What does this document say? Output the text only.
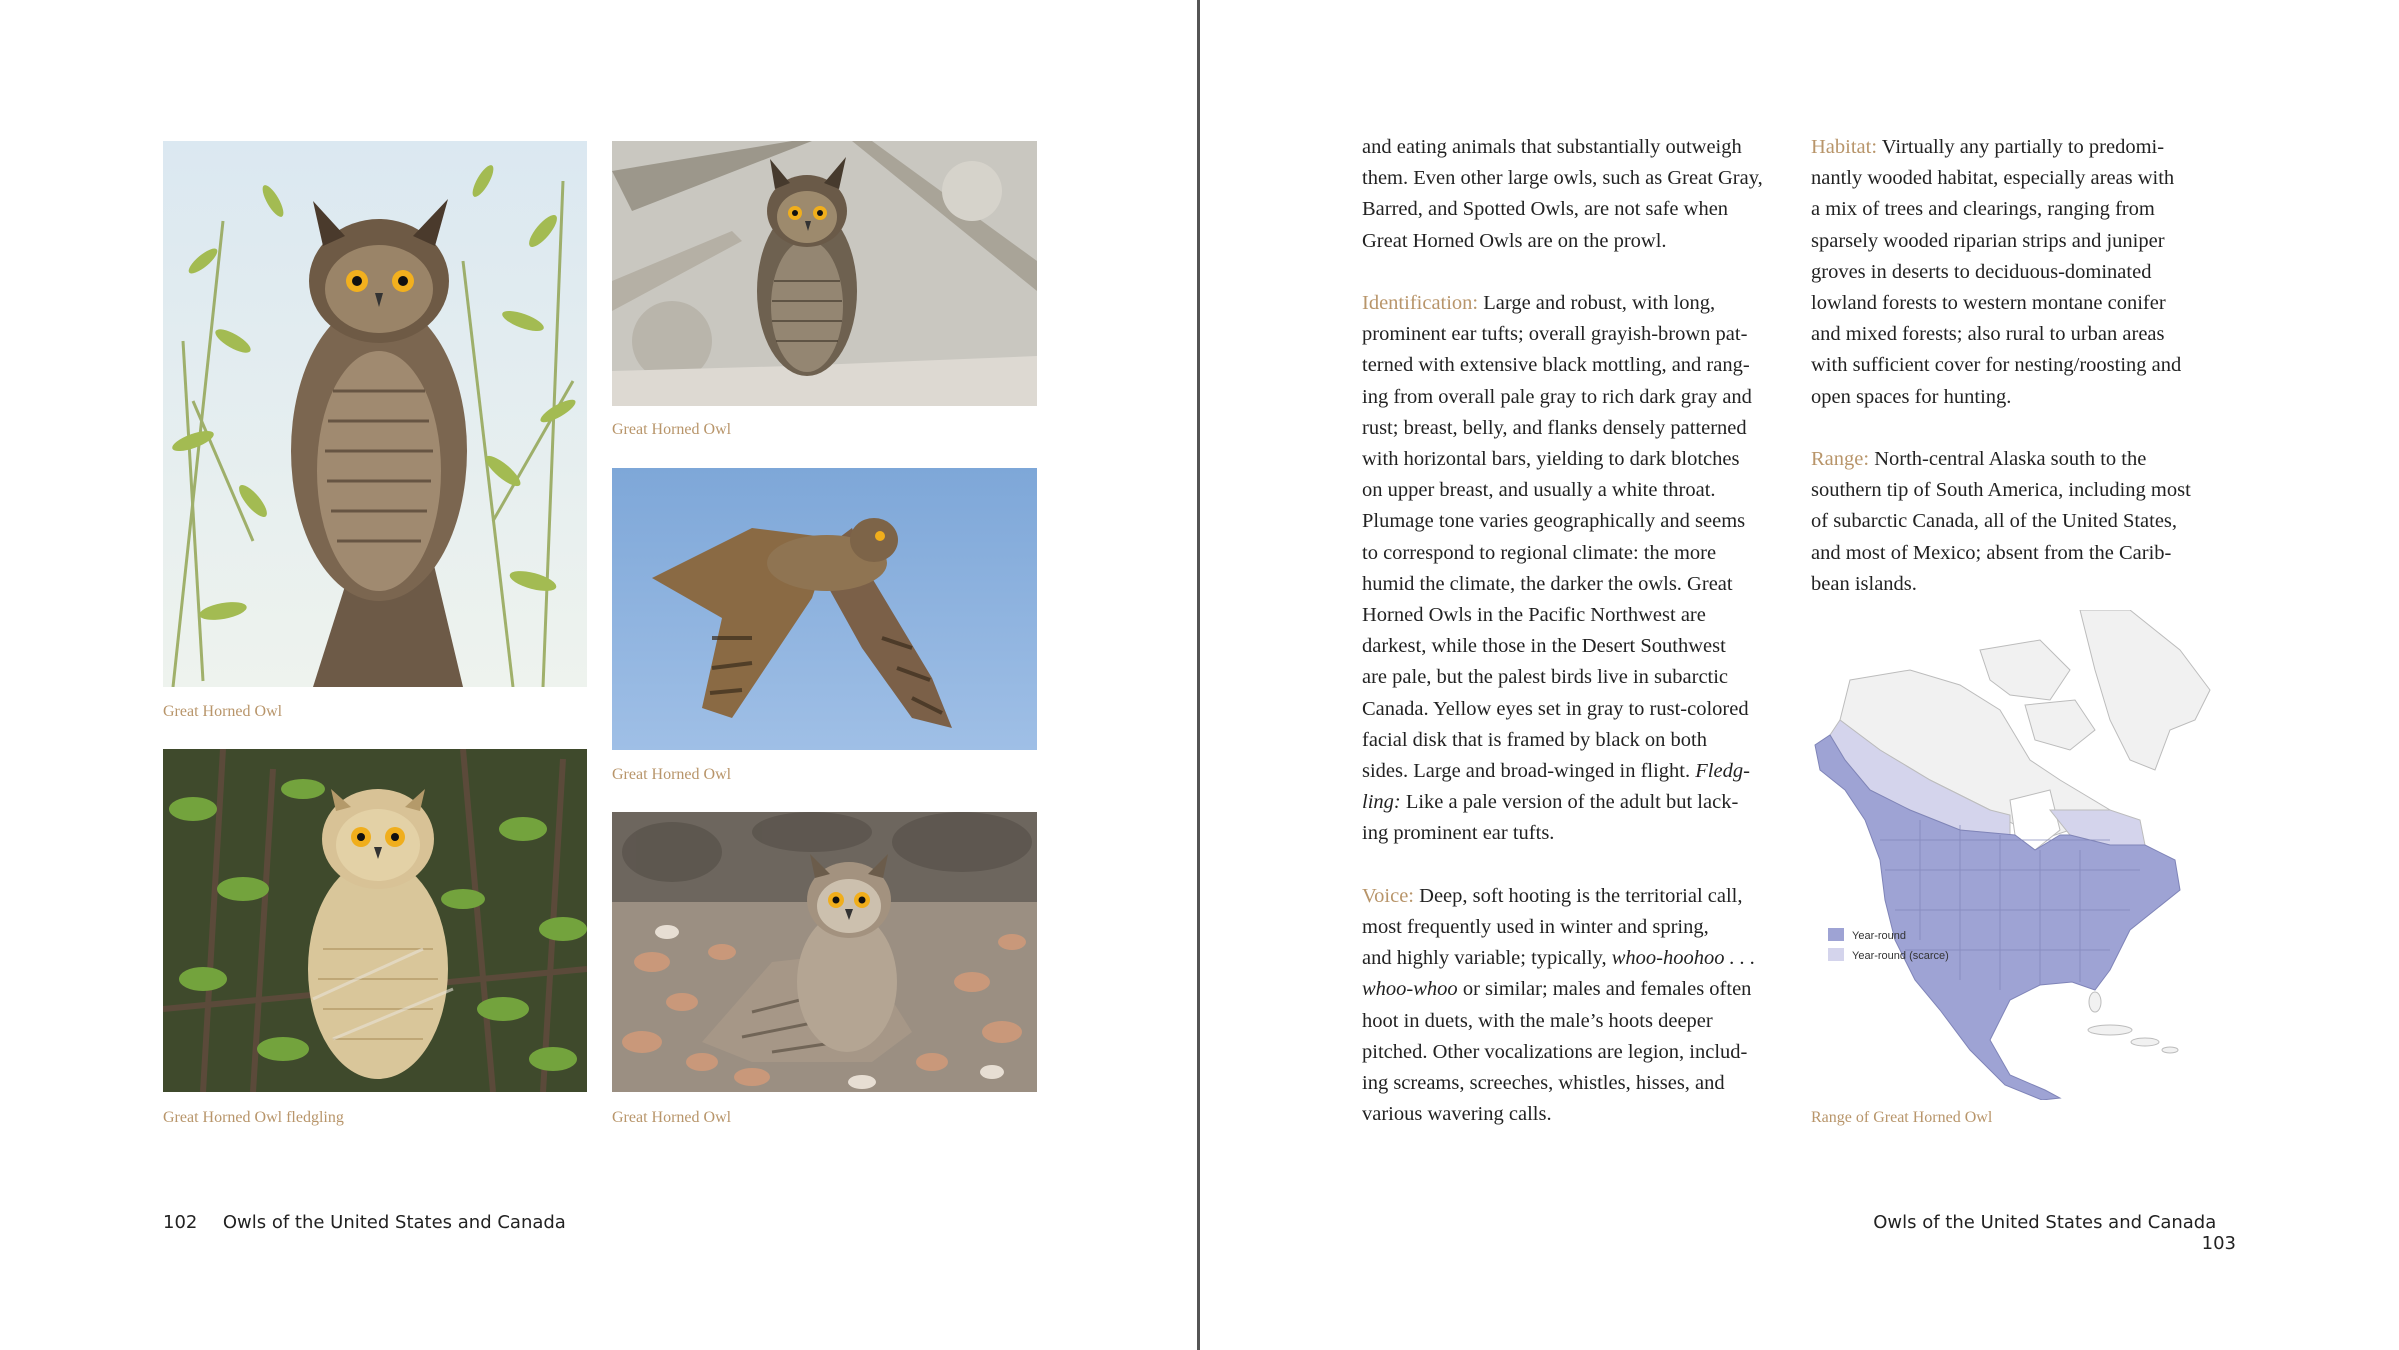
Great Horned Owl
Great Horned Owl
Great Horned Owl
Great Horned Owl fledgling	Great Horned Owl
102 Owls of the United States and Canada

and eating animals that substantially outweigh
them. Even other large owls, such as Great Gray,
Barred, and Spotted Owls, are not safe when
Great Horned Owls are on the prowl.

Identification: Large and robust, with long,
prominent ear tufts; overall grayish-brown pat-
terned with extensive black mottling, and rang-
ing from overall pale gray to rich dark gray and
rust; breast, belly, and flanks densely patterned
with horizontal bars, yielding to dark blotches
on upper breast, and usually a white throat.
Plumage tone varies geographically and seems
to correspond to regional climate: the more
humid the climate, the darker the owls. Great
Horned Owls in the Pacific Northwest are
darkest, while those in the Desert Southwest
are pale, but the palest birds live in subarctic
Canada. Yellow eyes set in gray to rust-colored
facial disk that is framed by black on both
sides. Large and broad-winged in flight. Fledg-
ling: Like a pale version of the adult but lack-
ing prominent ear tufts.

Voice: Deep, soft hooting is the territorial call,
most frequently used in winter and spring,
and highly variable; typically, whoo-hoohoo . . .
whoo-whoo or similar; males and females often
hoot in duets, with the male’s hoots deeper
pitched. Other vocalizations are legion, includ-
ing screams, screeches, whistles, hisses, and
various wavering calls.

Habitat: Virtually any partially to predomi-
nantly wooded habitat, especially areas with
a mix of trees and clearings, ranging from
sparsely wooded riparian strips and juniper
groves in deserts to deciduous-dominated
lowland forests to western montane conifer
and mixed forests; also rural to urban areas
with sufficient cover for nesting/roosting and
open spaces for hunting.

Range: North-central Alaska south to the
southern tip of South America, including most
of subarctic Canada, all of the United States,
and most of Mexico; absent from the Carib-
bean islands.

Year-round
Year-round (scarce)
Range of Great Horned Owl
Owls of the United States and Canada  103
